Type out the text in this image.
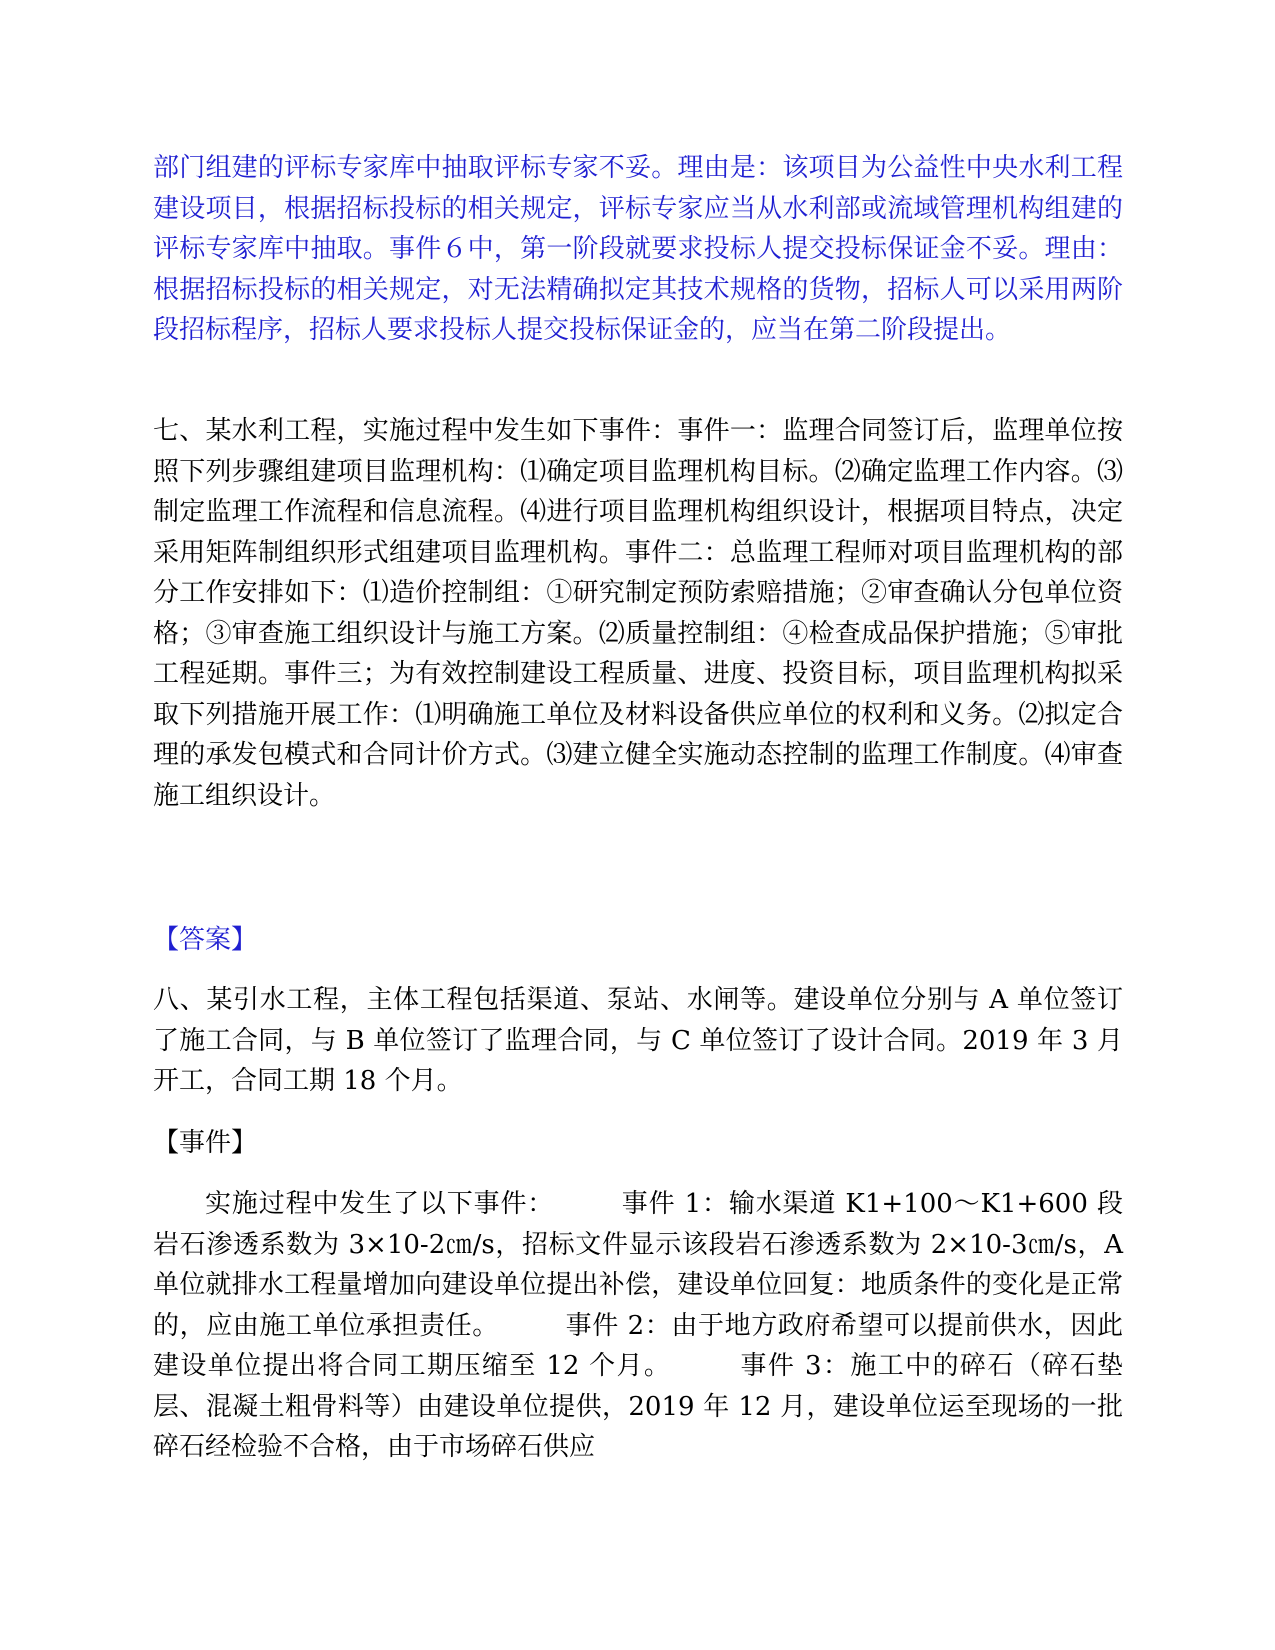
部门组建的评标专家库中抽取评标专家不妥。理由是：该项目为公益性中央水利工程建设项目，根据招标投标的相关规定，评标专家应当从水利部或流域管理机构组建的评标专家库中抽取。事件６中，第一阶段就要求投标人提交投标保证金不妥。理由：根据招标投标的相关规定，对无法精确拟定其技术规格的货物，招标人可以采用两阶段招标程序，招标人要求投标人提交投标保证金的，应当在第二阶段提出。

七、某水利工程，实施过程中发生如下事件：事件一：监理合同签订后，监理单位按照下列步骤组建项目监理机构：⑴确定项目监理机构目标。⑵确定监理工作内容。⑶制定监理工作流程和信息流程。⑷进行项目监理机构组织设计，根据项目特点，决定采用矩阵制组织形式组建项目监理机构。事件二：总监理工程师对项目监理机构的部分工作安排如下：⑴造价控制组：①研究制定预防索赔措施；②审查确认分包单位资格；③审查施工组织设计与施工方案。⑵质量控制组：④检查成品保护措施；⑤审批工程延期。事件三；为有效控制建设工程质量、进度、投资目标，项目监理机构拟采取下列措施开展工作：⑴明确施工单位及材料设备供应单位的权利和义务。⑵拟定合理的承发包模式和合同计价方式。⑶建立健全实施动态控制的监理工作制度。⑷审查施工组织设计。

【答案】

八、某引水工程，主体工程包括渠道、泵站、水闸等。建设单位分别与 A 单位签订了施工合同，与 B 单位签订了监理合同，与 C 单位签订了设计合同。2019 年 3 月开工，合同工期 18 个月。

【事件】

实施过程中发生了以下事件：　　　事件 1：输水渠道 K1+100～K1+600 段岩石渗透系数为 3×10-2㎝/s，招标文件显示该段岩石渗透系数为 2×10-3㎝/s，A 单位就排水工程量增加向建设单位提出补偿，建设单位回复：地质条件的变化是正常的，应由施工单位承担责任。　　　事件 2：由于地方政府希望可以提前供水，因此建设单位提出将合同工期压缩至 12 个月。　　　事件 3：施工中的碎石（碎石垫层、混凝土粗骨料等）由建设单位提供，2019 年 12 月，建设单位运至现场的一批碎石经检验不合格，由于市场碎石供应
